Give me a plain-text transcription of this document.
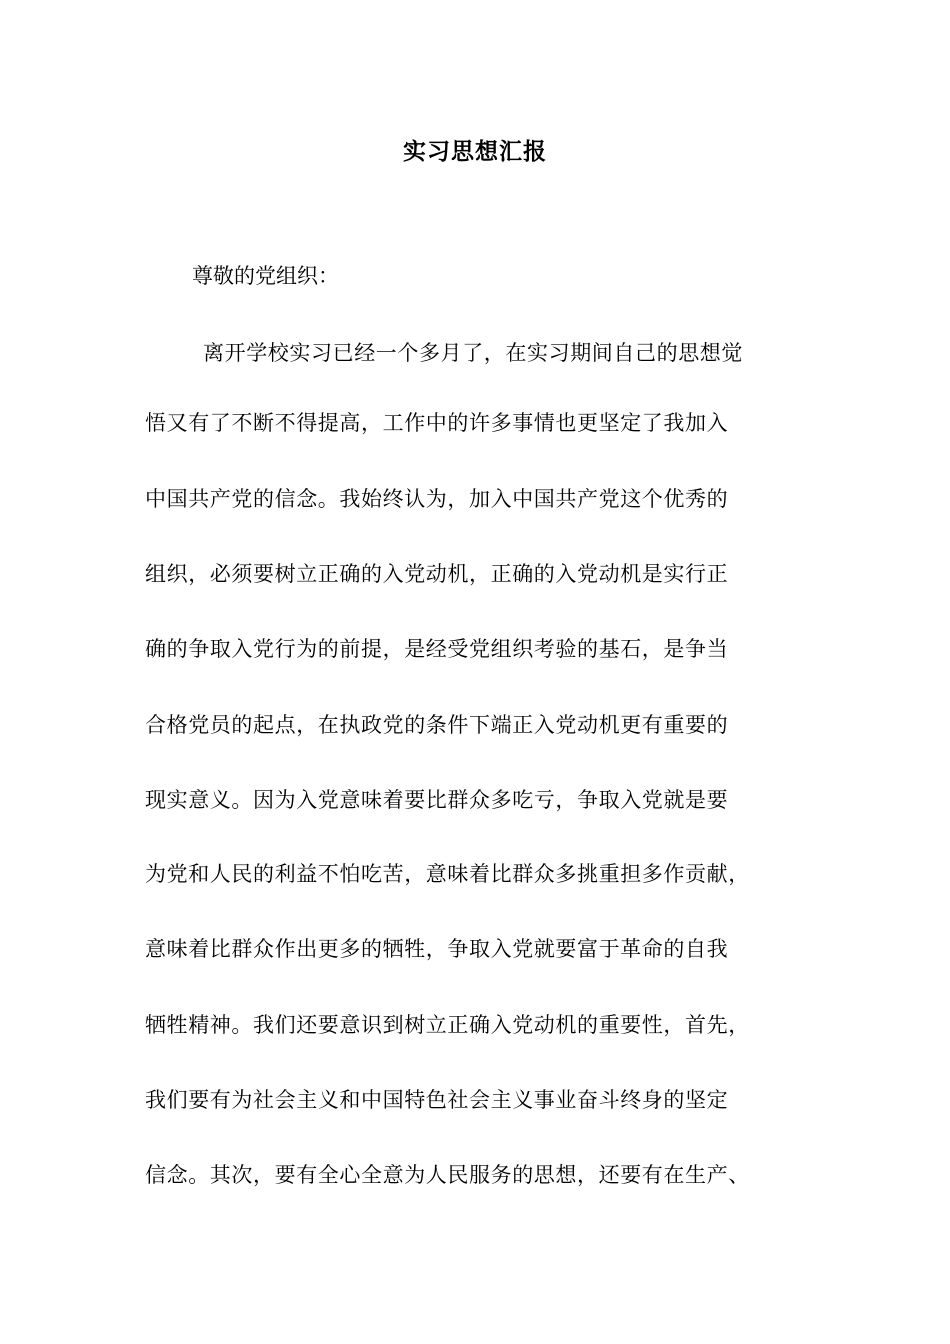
实习思想汇报
尊敬的党组织：
离开学校实习已经一个多月了，在实习期间自己的思想觉
悟又有了不断不得提高，工作中的许多事情也更坚定了我加入
中国共产党的信念。我始终认为，加入中国共产党这个优秀的
组织，必须要树立正确的入党动机，正确的入党动机是实行正
确的争取入党行为的前提，是经受党组织考验的基石，是争当
合格党员的起点，在执政党的条件下端正入党动机更有重要的
现实意义。因为入党意味着要比群众多吃亏，争取入党就是要
为党和人民的利益不怕吃苦，意味着比群众多挑重担多作贡献，
意味着比群众作出更多的牺牲，争取入党就要富于革命的自我
牺牲精神。我们还要意识到树立正确入党动机的重要性，首先，
我们要有为社会主义和中国特色社会主义事业奋斗终身的坚定
信念。其次，要有全心全意为人民服务的思想，还要有在生产、
